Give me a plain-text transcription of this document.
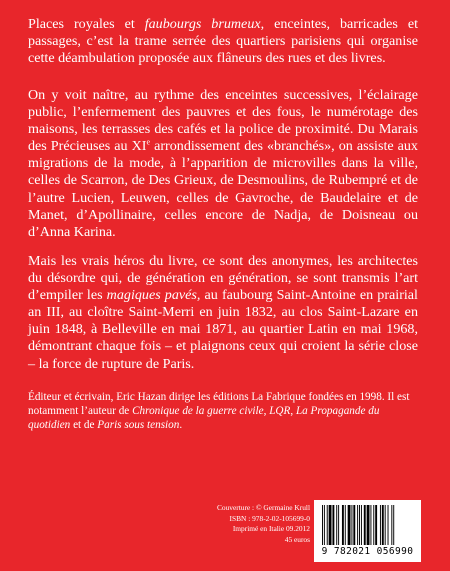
Places royales et faubourgs brumeux, enceintes, barricades et passages, c’est la trame serrée des quartiers parisiens qui organise cette déambulation proposée aux flâneurs des rues et des livres.

On y voit naître, au rythme des enceintes successives, l’éclairage public, l’enfermement des pauvres et des fous, le numérotage des maisons, les terrasses des cafés et la police de proximité. Du Marais des Précieuses au XIe arrondissement des «branchés», on assiste aux migrations de la mode, à l’apparition de microvilles dans la ville, celles de Scarron, de Des Grieux, de Desmoulins, de Rubempré et de l’autre Lucien, Leuwen, celles de Gavroche, de Baudelaire et de Manet, d’Apollinaire, celles encore de Nadja, de Doisneau ou d’Anna Karina.

Mais les vrais héros du livre, ce sont des anonymes, les architectes du désordre qui, de génération en génération, se sont transmis l’art d’empiler les magiques pavés, au faubourg Saint-Antoine en prairial an III, au cloître Saint-Merri en juin 1832, au clos Saint-Lazare en juin 1848, à Belleville en mai 1871, au quartier Latin en mai 1968, démontrant chaque fois – et plaignons ceux qui croient la série close – la force de rupture de Paris.

Éditeur et écrivain, Eric Hazan dirige les éditions La Fabrique fondées en 1998. Il est notamment l’auteur de Chronique de la guerre civile, LQR, La Propagande du quotidien et de Paris sous tension.

Couverture : © Germaine Krull
ISBN : 978-2-02-105699-0
Imprimé en Italie 09.2012
45 euros
9 782021 056990
